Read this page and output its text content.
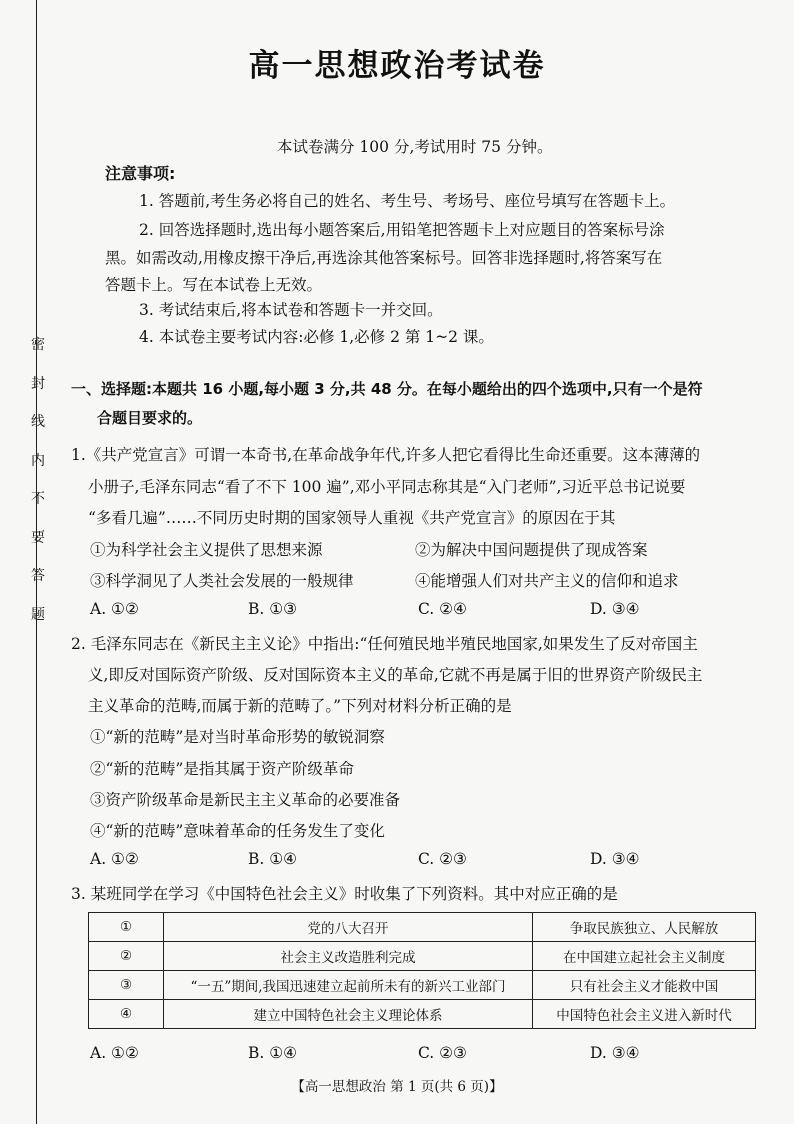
密
封
线
内
不
要
答
题
高一思想政治考试卷
本试卷满分 100 分,考试用时 75 分钟。
注意事项:
1. 答题前,考生务必将自己的姓名、考生号、考场号、座位号填写在答题卡上。
2. 回答选择题时,选出每小题答案后,用铅笔把答题卡上对应题目的答案标号涂
黑。如需改动,用橡皮擦干净后,再选涂其他答案标号。回答非选择题时,将答案写在
答题卡上。写在本试卷上无效。
3. 考试结束后,将本试卷和答题卡一并交回。
4. 本试卷主要考试内容:必修 1,必修 2 第 1~2 课。
一、选择题:本题共 16 小题,每小题 3 分,共 48 分。在每小题给出的四个选项中,只有一个是符
合题目要求的。
1.《共产党宣言》可谓一本奇书,在革命战争年代,许多人把它看得比生命还重要。这本薄薄的
小册子,毛泽东同志“看了不下 100 遍”,邓小平同志称其是“入门老师”,习近平总书记说要
“多看几遍”……不同历史时期的国家领导人重视《共产党宣言》的原因在于其
①为科学社会主义提供了思想来源	②为解决中国问题提供了现成答案
③科学洞见了人类社会发展的一般规律	④能增强人们对共产主义的信仰和追求
A. ①②	B. ①③	C. ②④	D. ③④
2. 毛泽东同志在《新民主主义论》中指出:“任何殖民地半殖民地国家,如果发生了反对帝国主
义,即反对国际资产阶级、反对国际资本主义的革命,它就不再是属于旧的世界资产阶级民主
主义革命的范畴,而属于新的范畴了。”下列对材料分析正确的是
①“新的范畴”是对当时革命形势的敏锐洞察
②“新的范畴”是指其属于资产阶级革命
③资产阶级革命是新民主主义革命的必要准备
④“新的范畴”意味着革命的任务发生了变化
A. ①②	B. ①④	C. ②③	D. ③④
3. 某班同学在学习《中国特色社会主义》时收集了下列资料。其中对应正确的是
①	党的八大召开	争取民族独立、人民解放
②	社会主义改造胜利完成	在中国建立起社会主义制度
③	“一五”期间,我国迅速建立起前所未有的新兴工业部门	只有社会主义才能救中国
④	建立中国特色社会主义理论体系	中国特色社会主义进入新时代
A. ①②	B. ①④	C. ②③	D. ③④
【高一思想政治 第 1 页(共 6 页)】
